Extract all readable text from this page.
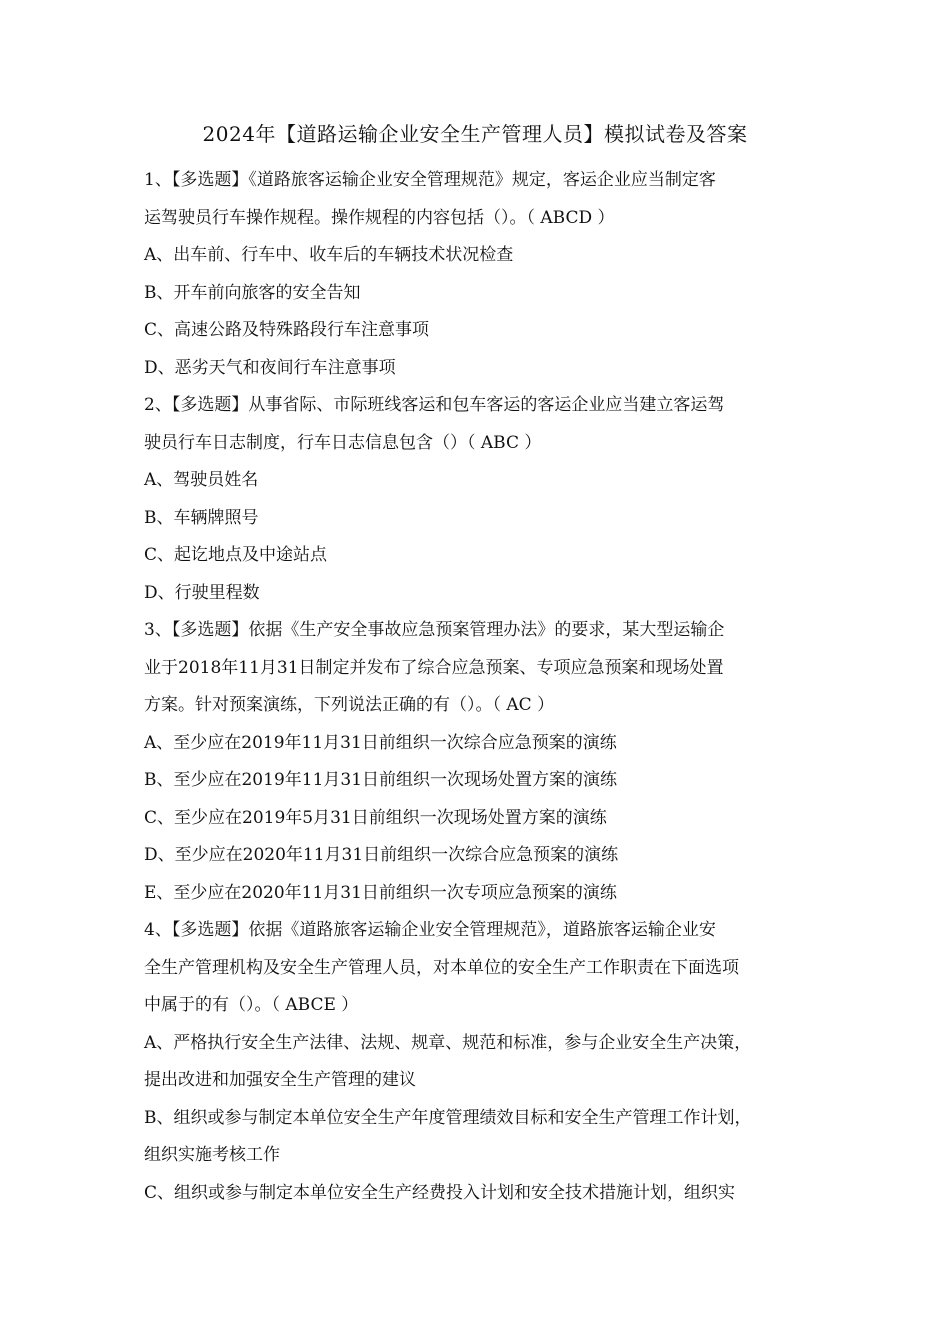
2024年【道路运输企业安全生产管理人员】模拟试卷及答案
1、【多选题】《道路旅客运输企业安全管理规范》规定，客运企业应当制定客
运驾驶员行车操作规程。操作规程的内容包括（）。（ ABCD ）
A、出车前、行车中、收车后的车辆技术状况检查
B、开车前向旅客的安全告知
C、高速公路及特殊路段行车注意事项
D、恶劣天气和夜间行车注意事项
2、【多选题】从事省际、市际班线客运和包车客运的客运企业应当建立客运驾
驶员行车日志制度，行车日志信息包含（）（ ABC ）
A、驾驶员姓名
B、车辆牌照号
C、起讫地点及中途站点
D、行驶里程数
3、【多选题】依据《生产安全事故应急预案管理办法》的要求，某大型运输企
业于2018年11月31日制定并发布了综合应急预案、专项应急预案和现场处置
方案。针对预案演练，下列说法正确的有（）。（ AC ）
A、至少应在2019年11月31日前组织一次综合应急预案的演练
B、至少应在2019年11月31日前组织一次现场处置方案的演练
C、至少应在2019年5月31日前组织一次现场处置方案的演练
D、至少应在2020年11月31日前组织一次综合应急预案的演练
E、至少应在2020年11月31日前组织一次专项应急预案的演练
4、【多选题】依据《道路旅客运输企业安全管理规范》，道路旅客运输企业安
全生产管理机构及安全生产管理人员，对本单位的安全生产工作职责在下面选项
中属于的有（）。（ ABCE ）
A、严格执行安全生产法律、法规、规章、规范和标准，参与企业安全生产决策，
提出改进和加强安全生产管理的建议
B、组织或参与制定本单位安全生产年度管理绩效目标和安全生产管理工作计划，
组织实施考核工作
C、组织或参与制定本单位安全生产经费投入计划和安全技术措施计划，组织实
